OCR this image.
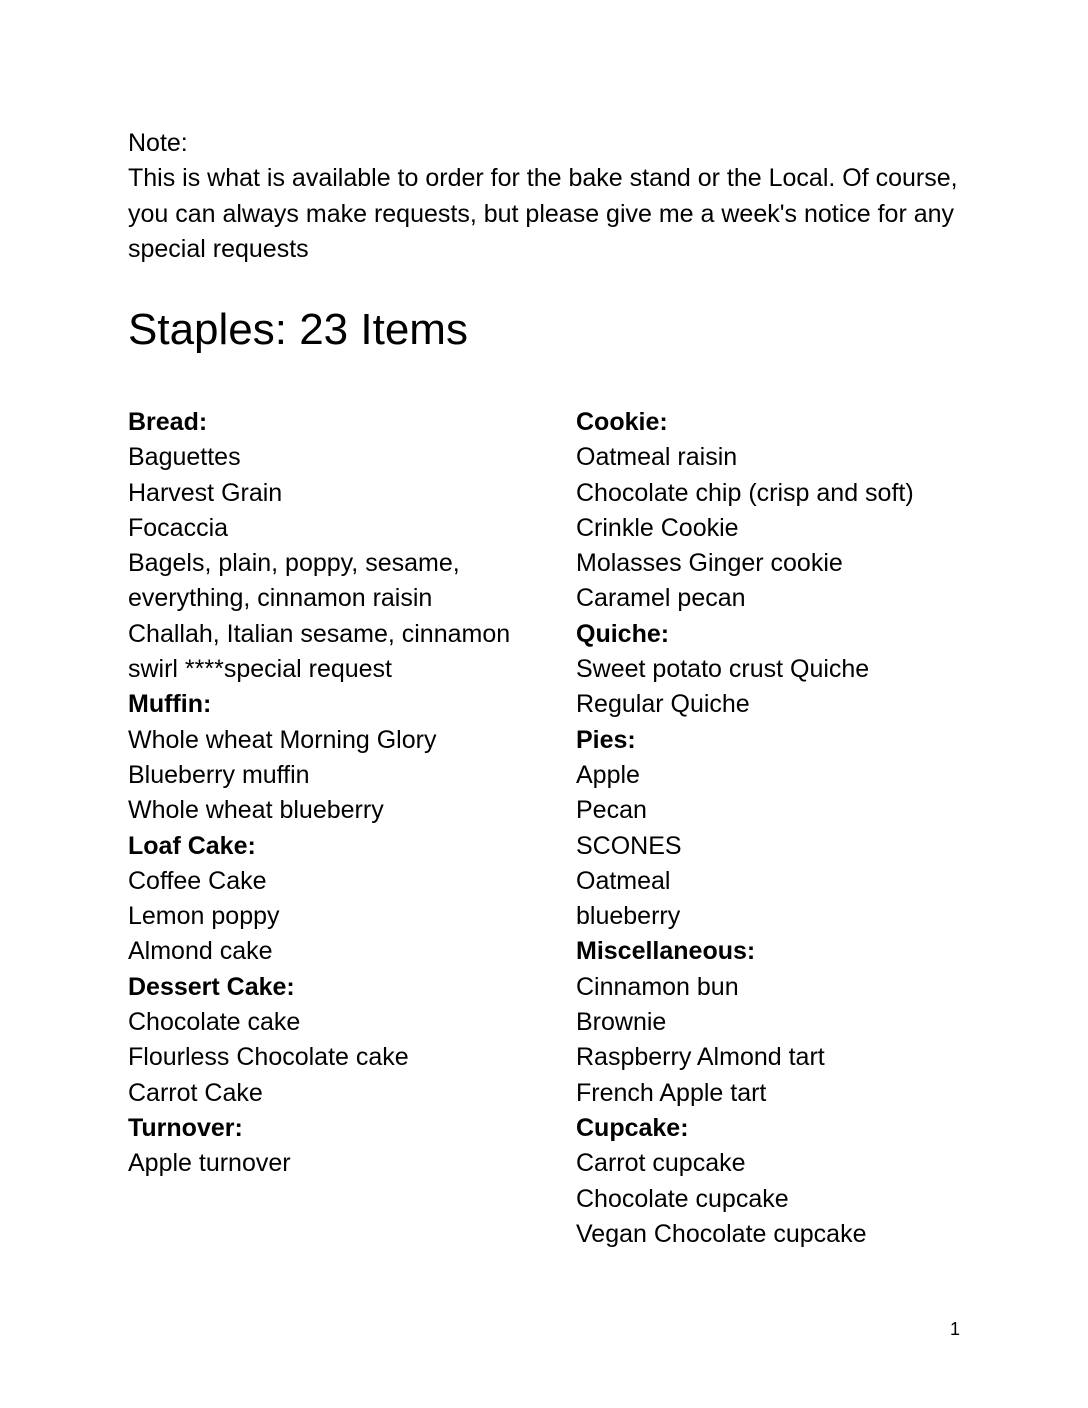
Note:
This is what is available to order for the bake stand or the Local. Of course, you can always make requests, but please give me a week's notice for any special requests
Staples: 23 Items
Bread:
Baguettes
Harvest Grain
Focaccia
Bagels, plain, poppy, sesame, everything, cinnamon raisin
Challah, Italian sesame, cinnamon swirl ****special request
Muffin:
Whole wheat Morning Glory
Blueberry muffin
Whole wheat blueberry
Loaf Cake:
Coffee Cake
Lemon poppy
Almond cake
Dessert Cake:
Chocolate cake
Flourless Chocolate cake
Carrot Cake
Turnover:
Apple turnover
Cookie:
Oatmeal raisin
Chocolate chip (crisp and soft)
Crinkle Cookie
Molasses Ginger cookie
Caramel pecan
Quiche:
Sweet potato crust Quiche
Regular Quiche
Pies:
Apple
Pecan
SCONES
Oatmeal
blueberry
Miscellaneous:
Cinnamon bun
Brownie
Raspberry Almond tart
French Apple tart
Cupcake:
Carrot cupcake
Chocolate cupcake
Vegan Chocolate cupcake
1
